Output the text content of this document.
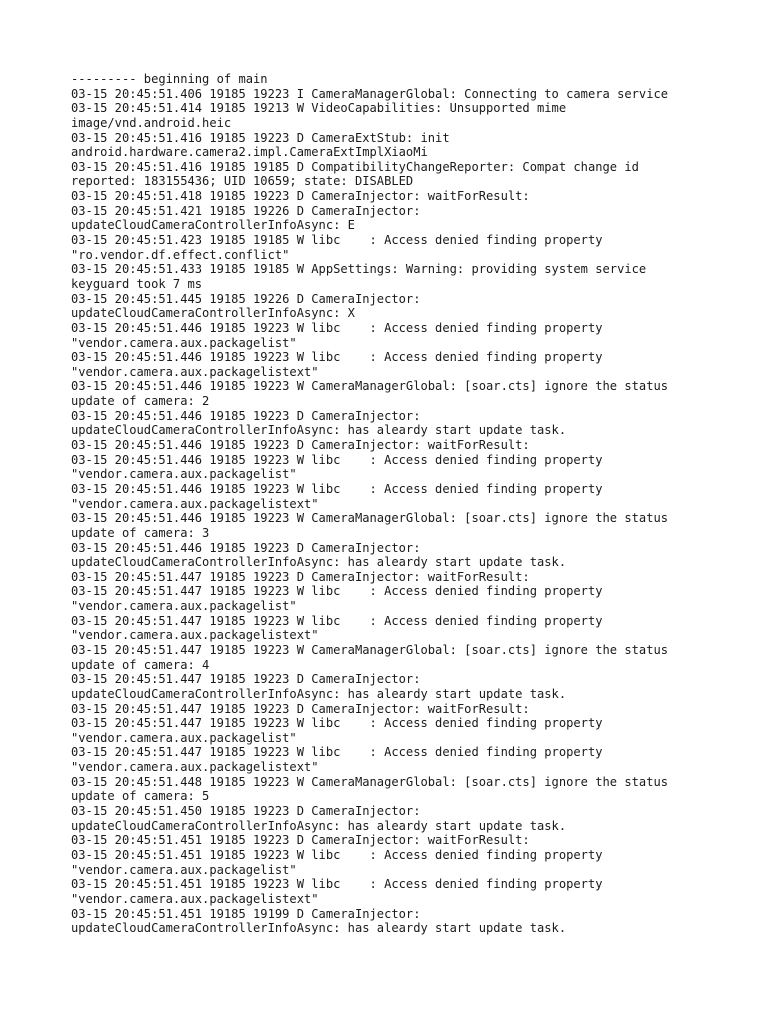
--------- beginning of main
03-15 20:45:51.406 19185 19223 I CameraManagerGlobal: Connecting to camera service
03-15 20:45:51.414 19185 19213 W VideoCapabilities: Unsupported mime
image/vnd.android.heic
03-15 20:45:51.416 19185 19223 D CameraExtStub: init
android.hardware.camera2.impl.CameraExtImplXiaoMi
03-15 20:45:51.416 19185 19185 D CompatibilityChangeReporter: Compat change id
reported: 183155436; UID 10659; state: DISABLED
03-15 20:45:51.418 19185 19223 D CameraInjector: waitForResult:
03-15 20:45:51.421 19185 19226 D CameraInjector:
updateCloudCameraControllerInfoAsync: E
03-15 20:45:51.423 19185 19185 W libc    : Access denied finding property
"ro.vendor.df.effect.conflict"
03-15 20:45:51.433 19185 19185 W AppSettings: Warning: providing system service
keyguard took 7 ms
03-15 20:45:51.445 19185 19226 D CameraInjector:
updateCloudCameraControllerInfoAsync: X
03-15 20:45:51.446 19185 19223 W libc    : Access denied finding property
"vendor.camera.aux.packagelist"
03-15 20:45:51.446 19185 19223 W libc    : Access denied finding property
"vendor.camera.aux.packagelistext"
03-15 20:45:51.446 19185 19223 W CameraManagerGlobal: [soar.cts] ignore the status
update of camera: 2
03-15 20:45:51.446 19185 19223 D CameraInjector:
updateCloudCameraControllerInfoAsync: has aleardy start update task.
03-15 20:45:51.446 19185 19223 D CameraInjector: waitForResult:
03-15 20:45:51.446 19185 19223 W libc    : Access denied finding property
"vendor.camera.aux.packagelist"
03-15 20:45:51.446 19185 19223 W libc    : Access denied finding property
"vendor.camera.aux.packagelistext"
03-15 20:45:51.446 19185 19223 W CameraManagerGlobal: [soar.cts] ignore the status
update of camera: 3
03-15 20:45:51.446 19185 19223 D CameraInjector:
updateCloudCameraControllerInfoAsync: has aleardy start update task.
03-15 20:45:51.447 19185 19223 D CameraInjector: waitForResult:
03-15 20:45:51.447 19185 19223 W libc    : Access denied finding property
"vendor.camera.aux.packagelist"
03-15 20:45:51.447 19185 19223 W libc    : Access denied finding property
"vendor.camera.aux.packagelistext"
03-15 20:45:51.447 19185 19223 W CameraManagerGlobal: [soar.cts] ignore the status
update of camera: 4
03-15 20:45:51.447 19185 19223 D CameraInjector:
updateCloudCameraControllerInfoAsync: has aleardy start update task.
03-15 20:45:51.447 19185 19223 D CameraInjector: waitForResult:
03-15 20:45:51.447 19185 19223 W libc    : Access denied finding property
"vendor.camera.aux.packagelist"
03-15 20:45:51.447 19185 19223 W libc    : Access denied finding property
"vendor.camera.aux.packagelistext"
03-15 20:45:51.448 19185 19223 W CameraManagerGlobal: [soar.cts] ignore the status
update of camera: 5
03-15 20:45:51.450 19185 19223 D CameraInjector:
updateCloudCameraControllerInfoAsync: has aleardy start update task.
03-15 20:45:51.451 19185 19223 D CameraInjector: waitForResult:
03-15 20:45:51.451 19185 19223 W libc    : Access denied finding property
"vendor.camera.aux.packagelist"
03-15 20:45:51.451 19185 19223 W libc    : Access denied finding property
"vendor.camera.aux.packagelistext"
03-15 20:45:51.451 19185 19199 D CameraInjector:
updateCloudCameraControllerInfoAsync: has aleardy start update task.
